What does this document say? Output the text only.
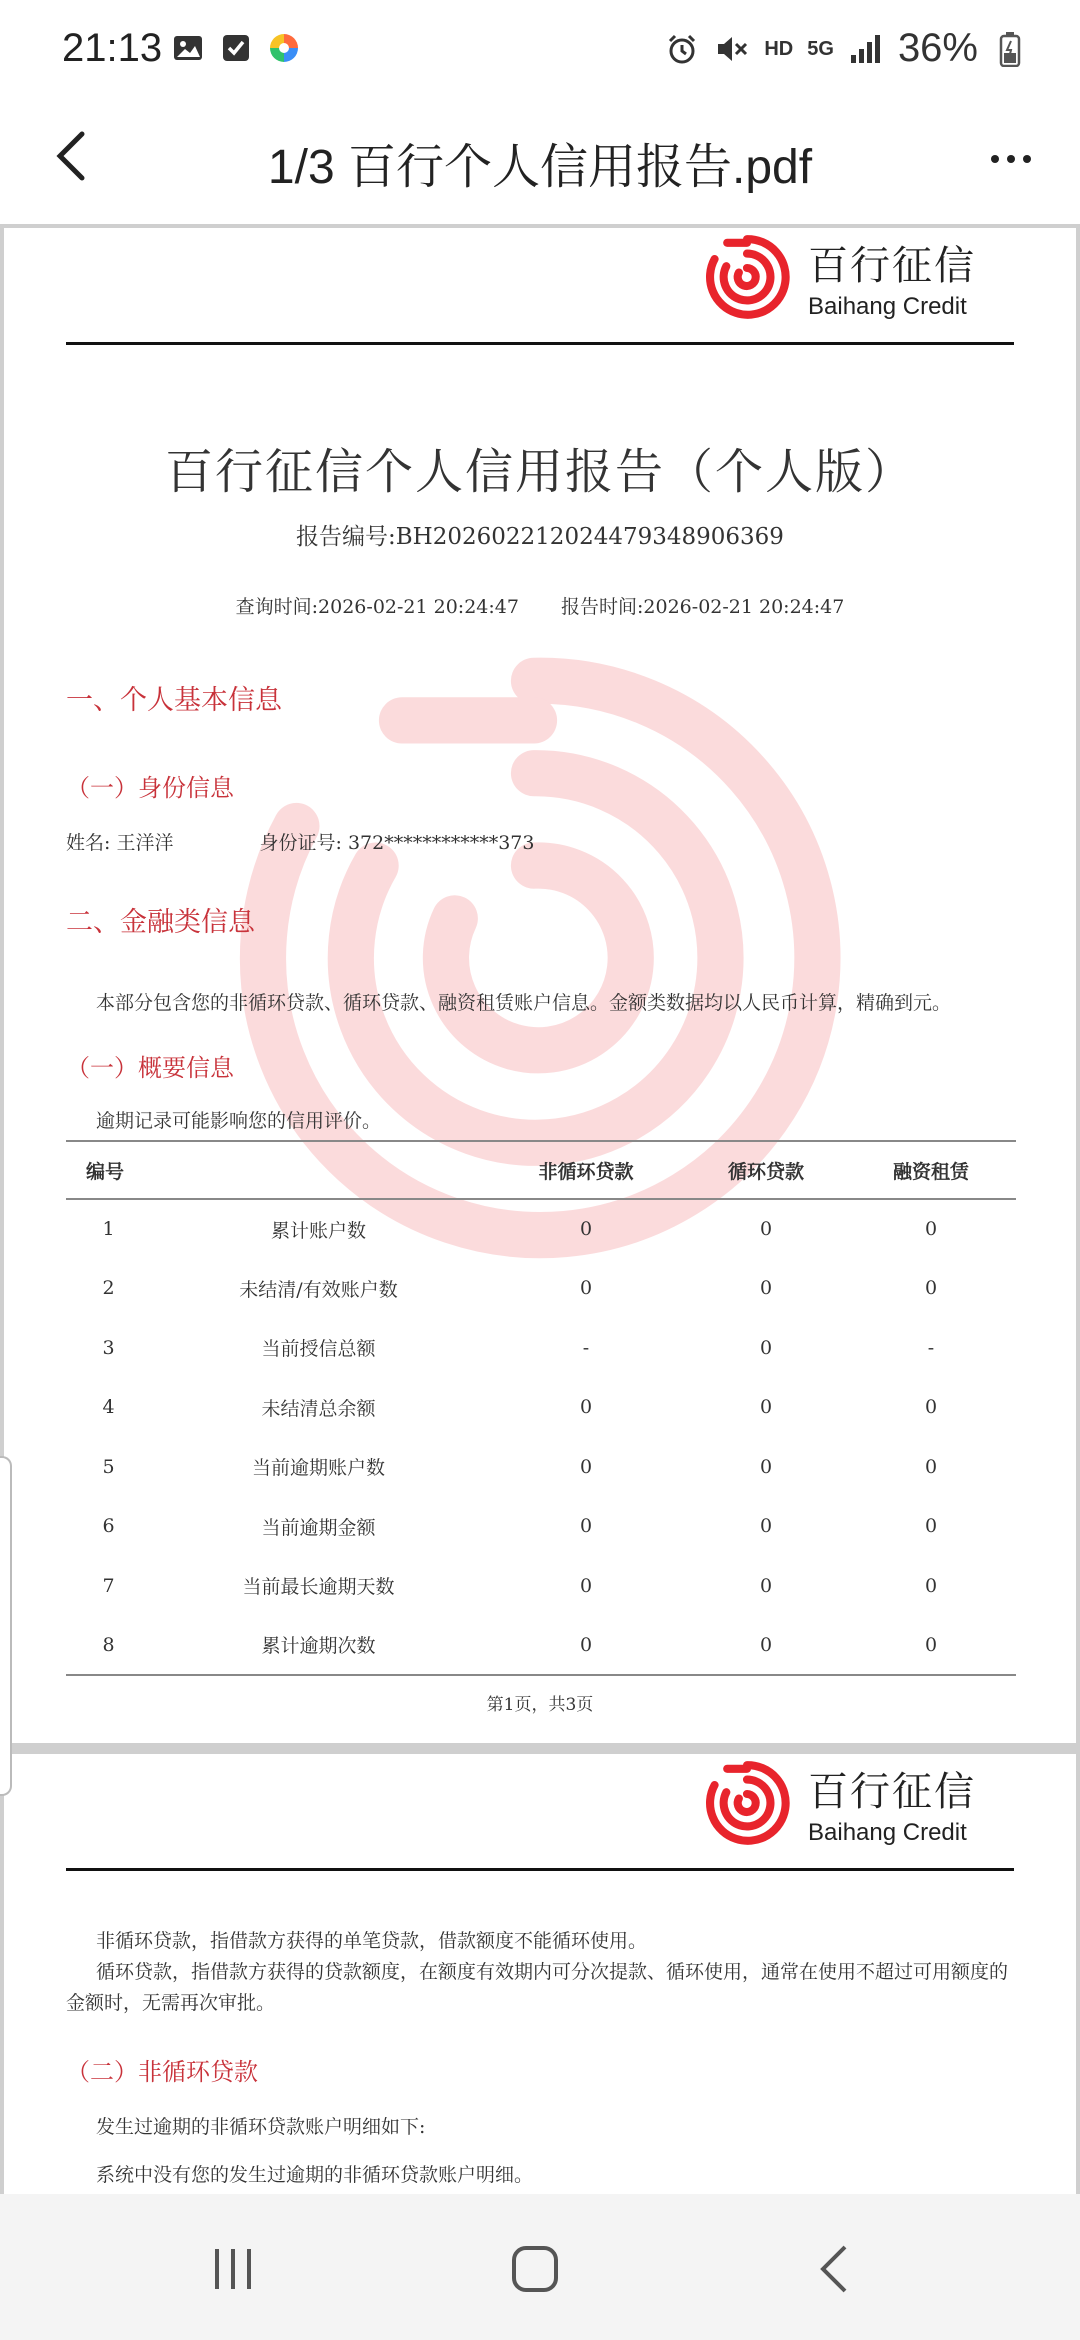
21:13	HD 5G 36%
1/3 百行个人信用报告.pdf
百行征信
Baihang Credit
百行征信个人信用报告（个人版）
报告编号:BH2026022120244793489063​69
查询时间:2026-02-21 20:24:47 报告时间:2026-02-21 20:24:47
一、个人基本信息
（一）身份信息
姓名: 王洋洋	身份证号: 372************373
二、金融类信息
本部分包含您的非循环贷款、循环贷款、融资租赁账户信息。金额类数据均以人民币计算，精确到元。
（一）概要信息
逾期记录可能影响您的信用评价。
编号		非循环贷款	循环贷款	融资租赁
1	累计账户数	0	0	0
2	未结清/有效账户数	0	0	0
3	当前授信总额	-	0	-
4	未结清总余额	0	0	0
5	当前逾期账户数	0	0	0
6	当前逾期金额	0	0	0
7	当前最长逾期天数	0	0	0
8	累计逾期次数	0	0	0
第1页，共3页
百行征信
Baihang Credit
非循环贷款，指借款方获得的单笔贷款，借款额度不能循环使用。
循环贷款，指借款方获得的贷款额度，在额度有效期内可分次提款、循环使用，通常在使用不超过可用额度的金额时，无需再次审批。
（二）非循环贷款
发生过逾期的非循环贷款账户明细如下:
系统中没有您的发生过逾期的非循环贷款账户明细。
